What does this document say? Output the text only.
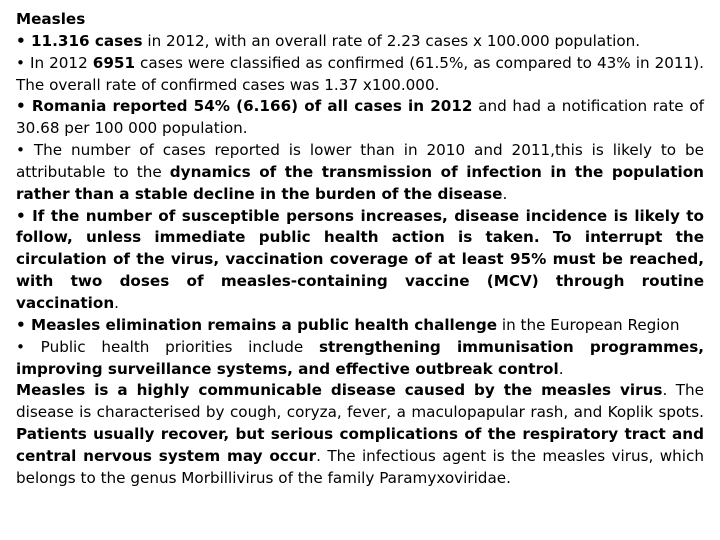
Measles

• 11.316 cases in 2012, with an overall rate of 2.23 cases x 100.000 population.

• In 2012 6951 cases were classified as confirmed (61.5%, as compared to 43% in 2011). The overall rate of confirmed cases was 1.37 x100.000.

• Romania reported 54% (6.166) of all cases in 2012 and had a notification rate of 30.68 per 100 000 population.

• The number of cases reported is lower than in 2010 and 2011,this is likely to be attributable to the dynamics of the transmission of infection in the population rather than a stable decline in the burden of the disease.

• If the number of susceptible persons increases, disease incidence is likely to follow, unless immediate public health action is taken. To interrupt the circulation of the virus, vaccination coverage of at least 95% must be reached, with two doses of measles-containing vaccine (MCV) through routine vaccination.

• Measles elimination remains a public health challenge in the European Region

• Public health priorities include strengthening immunisation programmes, improving surveillance systems, and effective outbreak control.

Measles is a highly communicable disease caused by the measles virus. The disease is characterised by cough, coryza, fever, a maculopapular rash, and Koplik spots. Patients usually recover, but serious complications of the respiratory tract and central nervous system may occur. The infectious agent is the measles virus, which belongs to the genus Morbillivirus of the family Paramyxoviridae.
